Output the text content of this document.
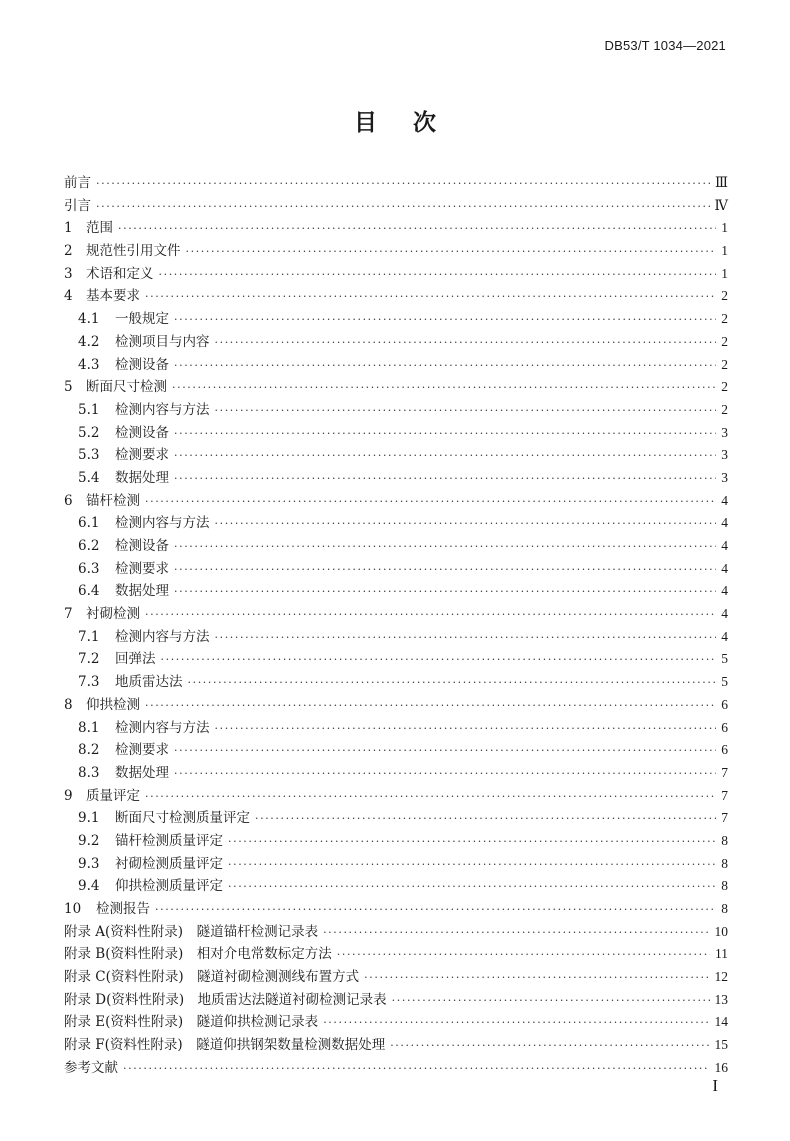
DB53/T 1034—2021
目次
前言 ·····	Ⅲ
引言 ·····	Ⅳ
1 范围 ·····	1
2 规范性引用文件 ·····	1
3 术语和定义 ·····	1
4 基本要求 ·····	2
4.1	一般规定 ·····	2
4.2	检测项目与内容 ·····	2
4.3	检测设备 ·····	2
5 断面尺寸检测 ·····	2
5.1	检测内容与方法 ·····	2
5.2	检测设备 ·····	3
5.3	检测要求 ·····	3
5.4	数据处理 ·····	3
6 锚杆检测 ·····	4
6.1	检测内容与方法 ·····	4
6.2	检测设备 ·····	4
6.3	检测要求 ·····	4
6.4	数据处理 ·····	4
7 衬砌检测 ·····	4
7.1	检测内容与方法 ·····	4
7.2	回弹法 ·····	5
7.3	地质雷达法 ·····	5
8 仰拱检测 ·····	6
8.1	检测内容与方法 ·····	6
8.2	检测要求 ·····	6
8.3	数据处理 ·····	7
9 质量评定 ·····	7
9.1	断面尺寸检测质量评定 ·····	7
9.2	锚杆检测质量评定 ·····	8
9.3	衬砌检测质量评定 ·····	8
9.4	仰拱检测质量评定 ·····	8
10	检测报告 ·····	8
附录 A(资料性附录)　隧道锚杆检测记录表 ·····	10
附录 B(资料性附录)　相对介电常数标定方法 ·····	11
附录 C(资料性附录)　隧道衬砌检测测线布置方式 ·····	12
附录 D(资料性附录)　地质雷达法隧道衬砌检测记录表 ·····	13
附录 E(资料性附录)　隧道仰拱检测记录表 ·····	14
附录 F(资料性附录)　隧道仰拱钢架数量检测数据处理 ·····	15
参考文献 ·····	16
I
